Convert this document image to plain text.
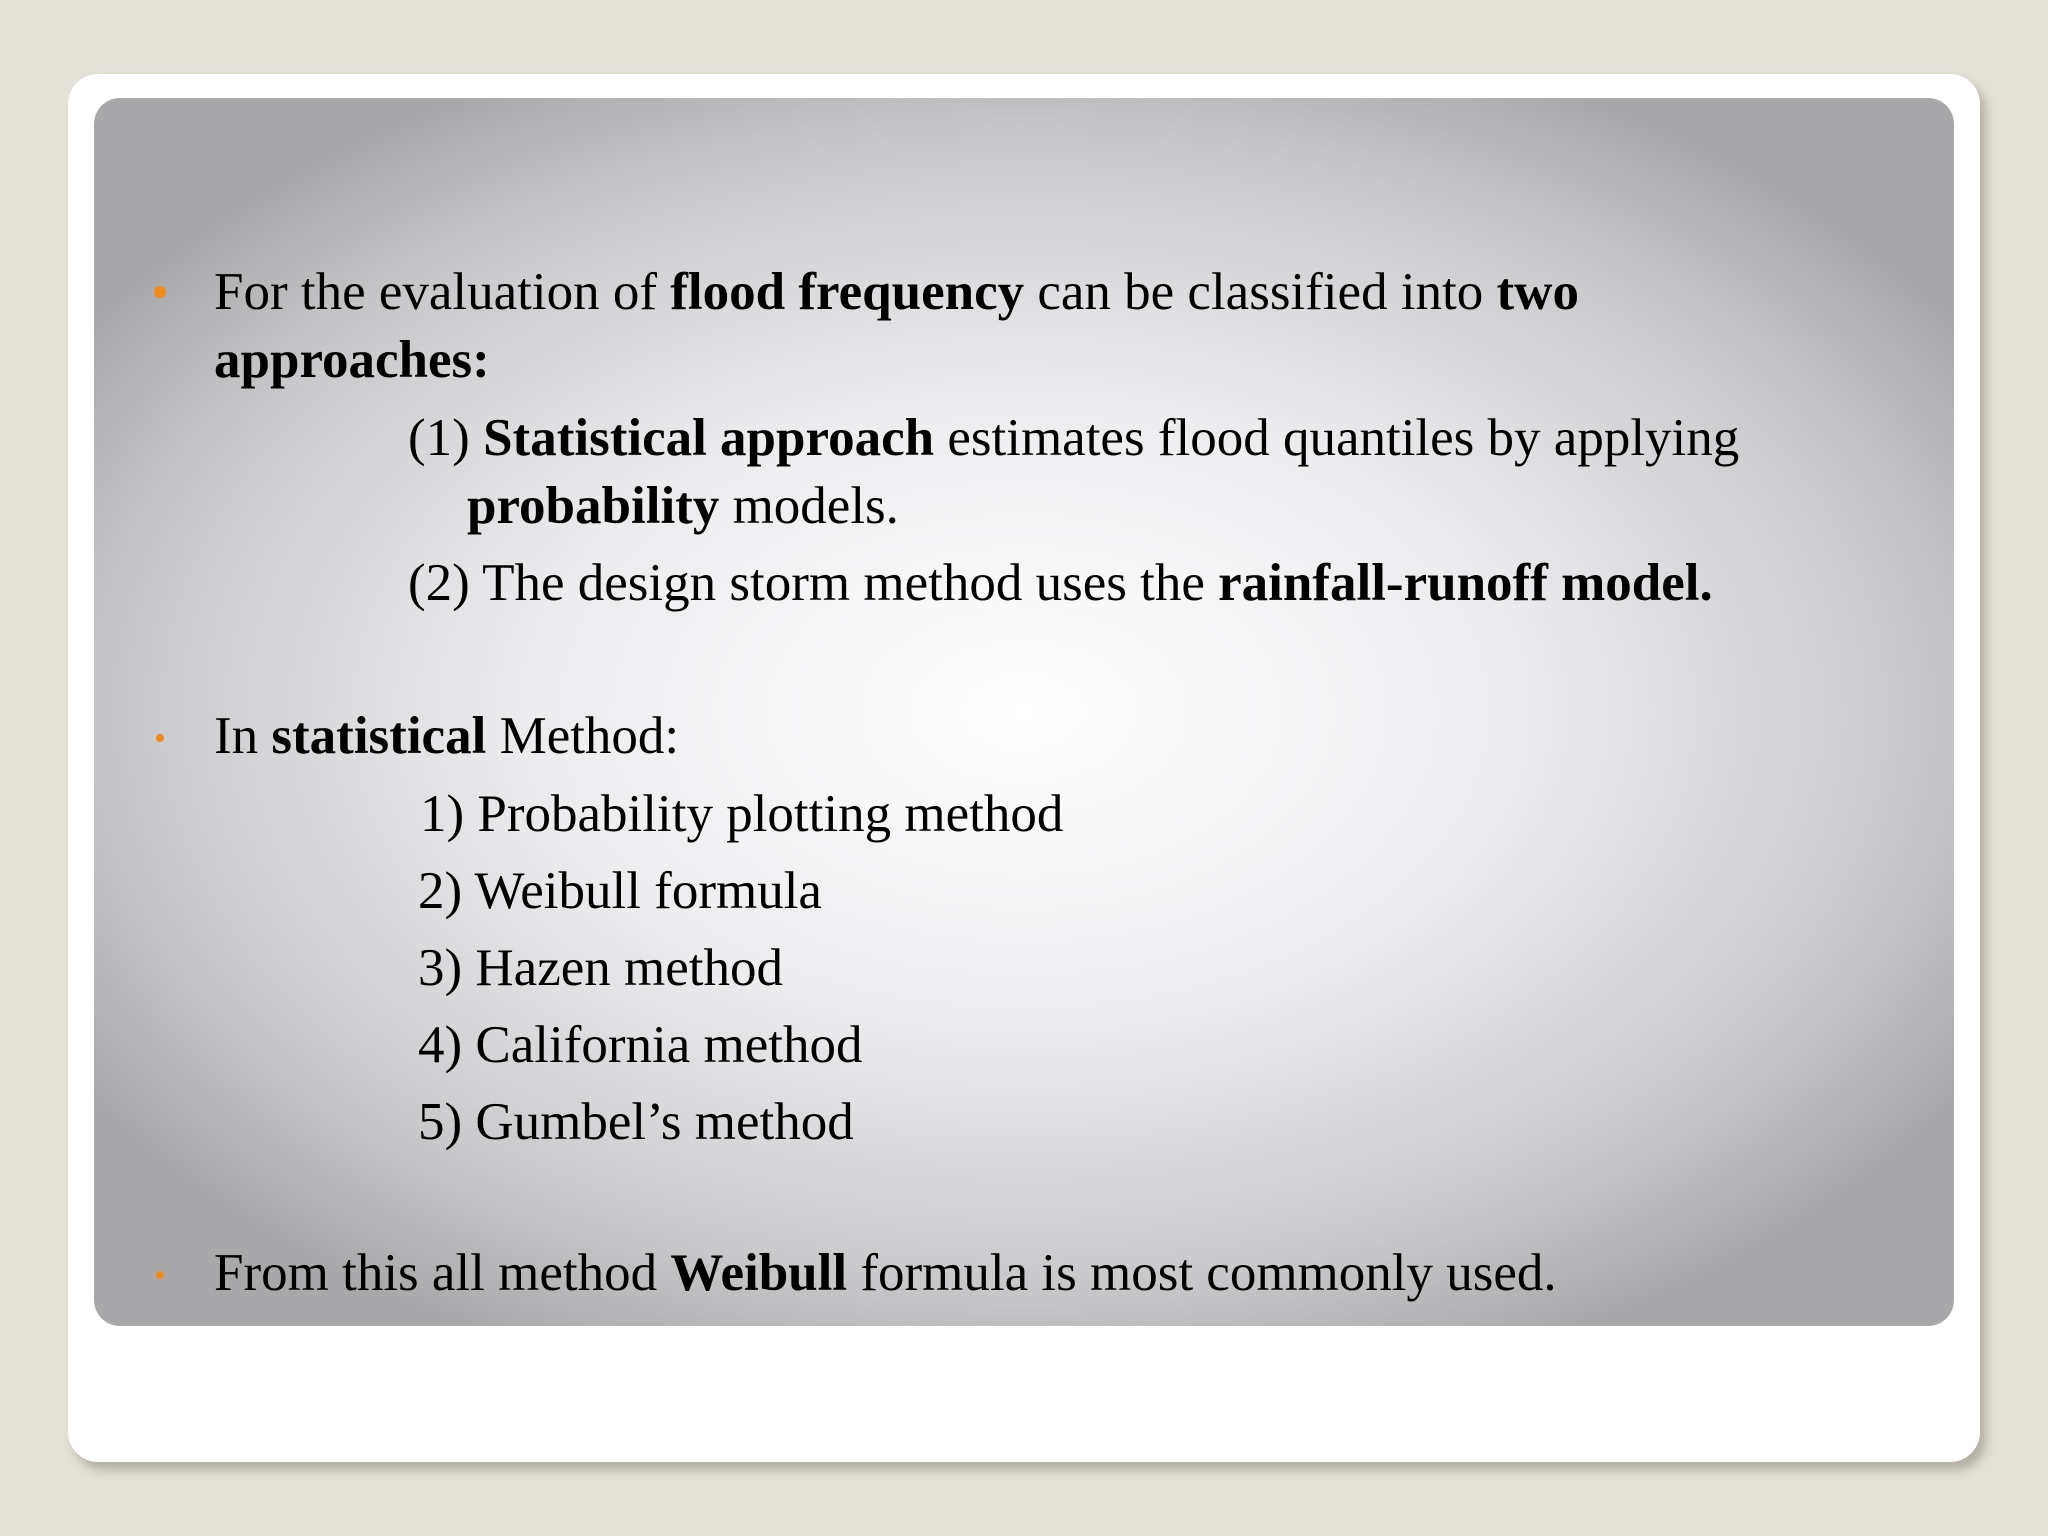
For the evaluation of flood frequency can be classified into two
approaches:
(1) Statistical approach estimates flood quantiles by applying
probability models.
(2) The design storm method uses the rainfall-runoff model.
In statistical Method:
1) Probability plotting method
2) Weibull formula
3) Hazen method
4) California method
5) Gumbel’s method
From this all method Weibull formula is most commonly used.
